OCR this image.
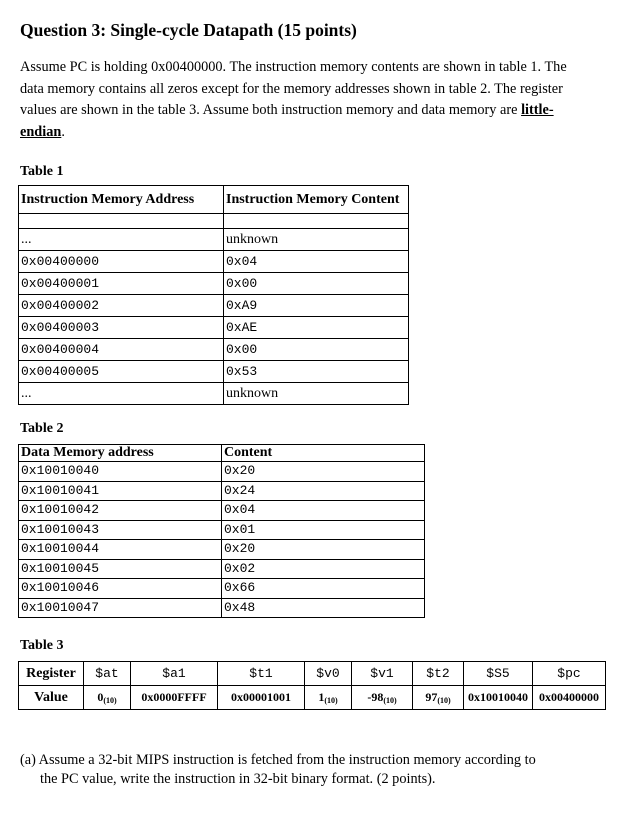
Question 3: Single-cycle Datapath (15 points)

Assume PC is holding 0x00400000. The instruction memory contents are shown in table 1. The data memory contains all zeros except for the memory addresses shown in table 2. The register values are shown in the table 3. Assume both instruction memory and data memory are little-endian.

Table 1
Instruction Memory Address	Instruction Memory Content

...	unknown
0x00400000	0x04
0x00400001	0x00
0x00400002	0xA9
0x00400003	0xAE
0x00400004	0x00
0x00400005	0x53
...	unknown
Table 2
Data Memory address	Content
0x10010040	0x20
0x10010041	0x24
0x10010042	0x04
0x10010043	0x01
0x10010044	0x20
0x10010045	0x02
0x10010046	0x66
0x10010047	0x48
Table 3
Register	$at	$a1	$t1	$v0	$v1	$t2	$S5	$pc
Value	$0_{(10)}$	0x0000FFFF	0x00001001	$1_{(10)}$	$-98_{(10)}$	$97_{(10)}$	0x10010040	0x00400000

(a) Assume a 32-bit MIPS instruction is fetched from the instruction memory according to
the PC value, write the instruction in 32-bit binary format. (2 points).
